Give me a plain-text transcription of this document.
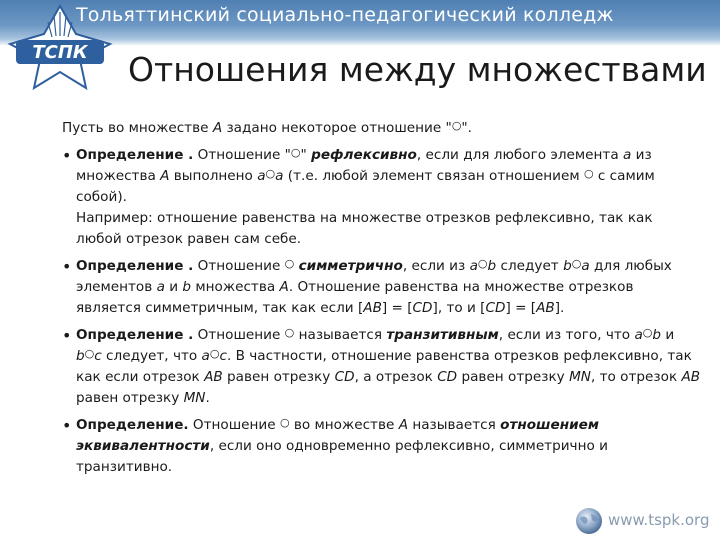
Тольяттинский социально-педагогический колледж
ТСПК Отношения между множествами

Пусть во множестве A задано некоторое отношение "○".

• Определение . Отношение "○" рефлексивно, если для любого элемента a из множества A выполнено a○a (т.е. любой элемент связан отношением ○ с самим собой).
Например: отношение равенства на множестве отрезков рефлексивно, так как любой отрезок равен сам себе.
• Определение . Отношение ○ симметрично, если из a○b следует b○a для любых элементов a и b множества A. Отношение равенства на множестве отрезков является симметричным, так как если [AB] = [CD], то и [CD] = [AB].
• Определение . Отношение ○ называется транзитивным, если из того, что a○b и b○c следует, что a○c. В частности, отношение равенства отрезков рефлексивно, так как если отрезок AB равен отрезку CD, а отрезок CD равен отрезку MN, то отрезок AB равен отрезку MN.
• Определение. Отношение ○ во множестве A называется отношением эквивалентности, если оно одновременно рефлексивно, симметрично и транзитивно.
www.tspk.org
